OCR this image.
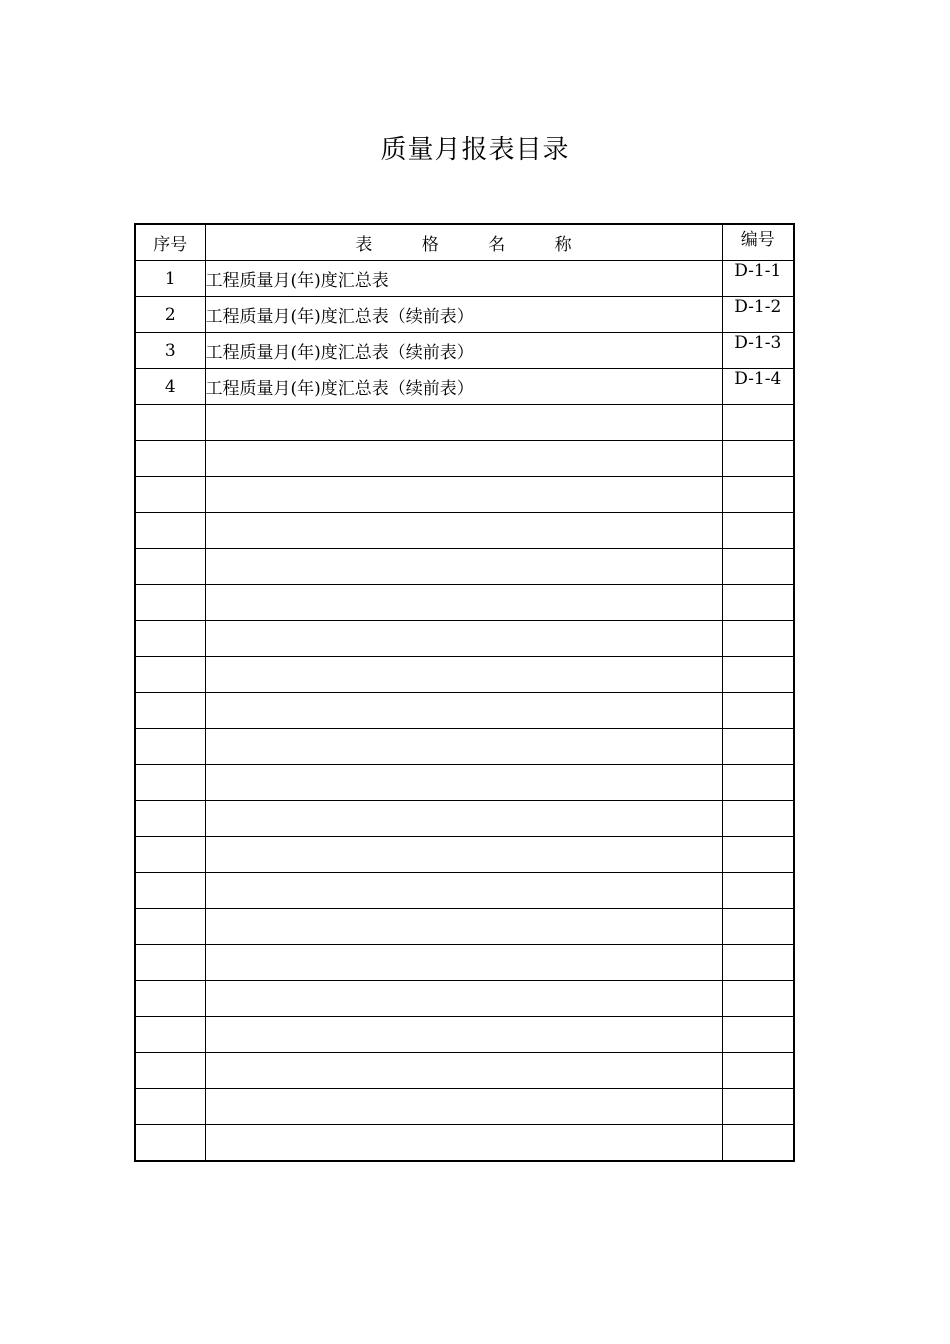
质量月报表目录
序号	表 格 名 称	编号
1	工程质量月(年)度汇总表	D-1-1
2	工程质量月(年)度汇总表（续前表）	D-1-2
3	工程质量月(年)度汇总表（续前表）	D-1-3
4	工程质量月(年)度汇总表（续前表）	D-1-4
